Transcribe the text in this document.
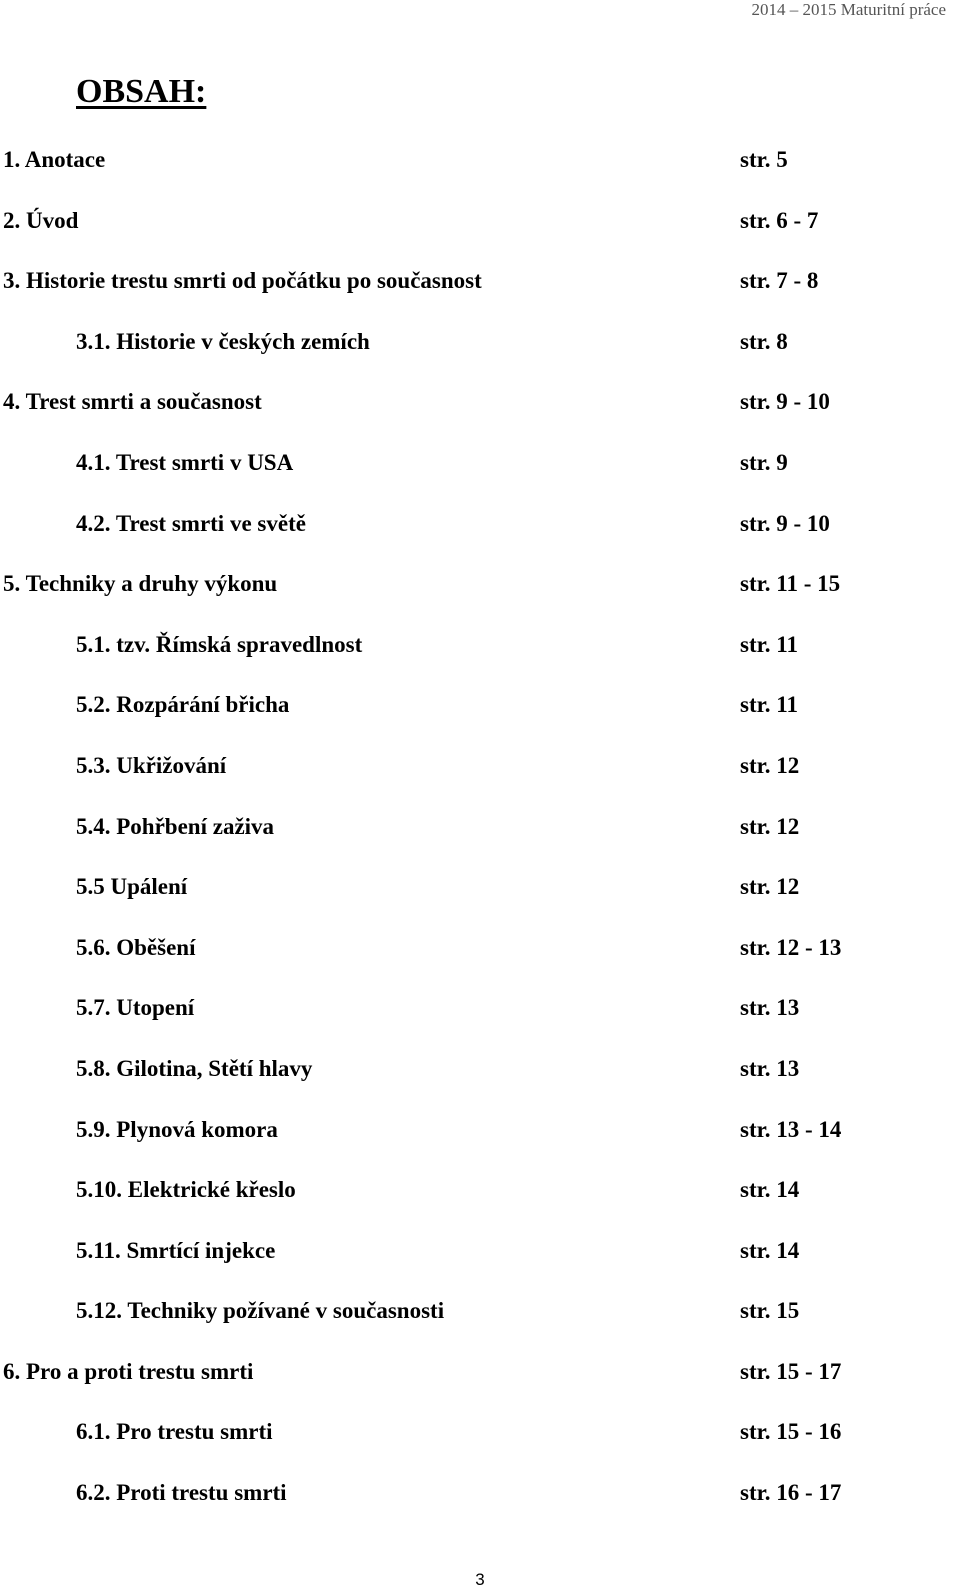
2014 – 2015 Maturitní práce
OBSAH:
1. Anotace	str. 5
2. Úvod	str. 6 - 7
3. Historie trestu smrti od počátku po současnost	str. 7 - 8
3.1. Historie v českých zemích	str. 8
4. Trest smrti a současnost	str. 9 - 10
4.1. Trest smrti v USA	str. 9
4.2. Trest smrti ve světě	str. 9 - 10
5. Techniky a druhy výkonu	str. 11 - 15
5.1. tzv. Římská spravedlnost	str. 11
5.2. Rozpárání břicha	str. 11
5.3. Ukřižování	str. 12
5.4. Pohřbení zaživa	str. 12
5.5 Upálení	str. 12
5.6. Oběšení	str. 12 - 13
5.7. Utopení	str. 13
5.8. Gilotina, Stětí hlavy	str. 13
5.9. Plynová komora	str. 13 - 14
5.10. Elektrické křeslo	str. 14
5.11. Smrtící injekce	str. 14
5.12. Techniky požívané v současnosti	str. 15
6. Pro a proti trestu smrti	str. 15 - 17
6.1. Pro trestu smrti	str. 15 - 16
6.2. Proti trestu smrti	str. 16 - 17
3
